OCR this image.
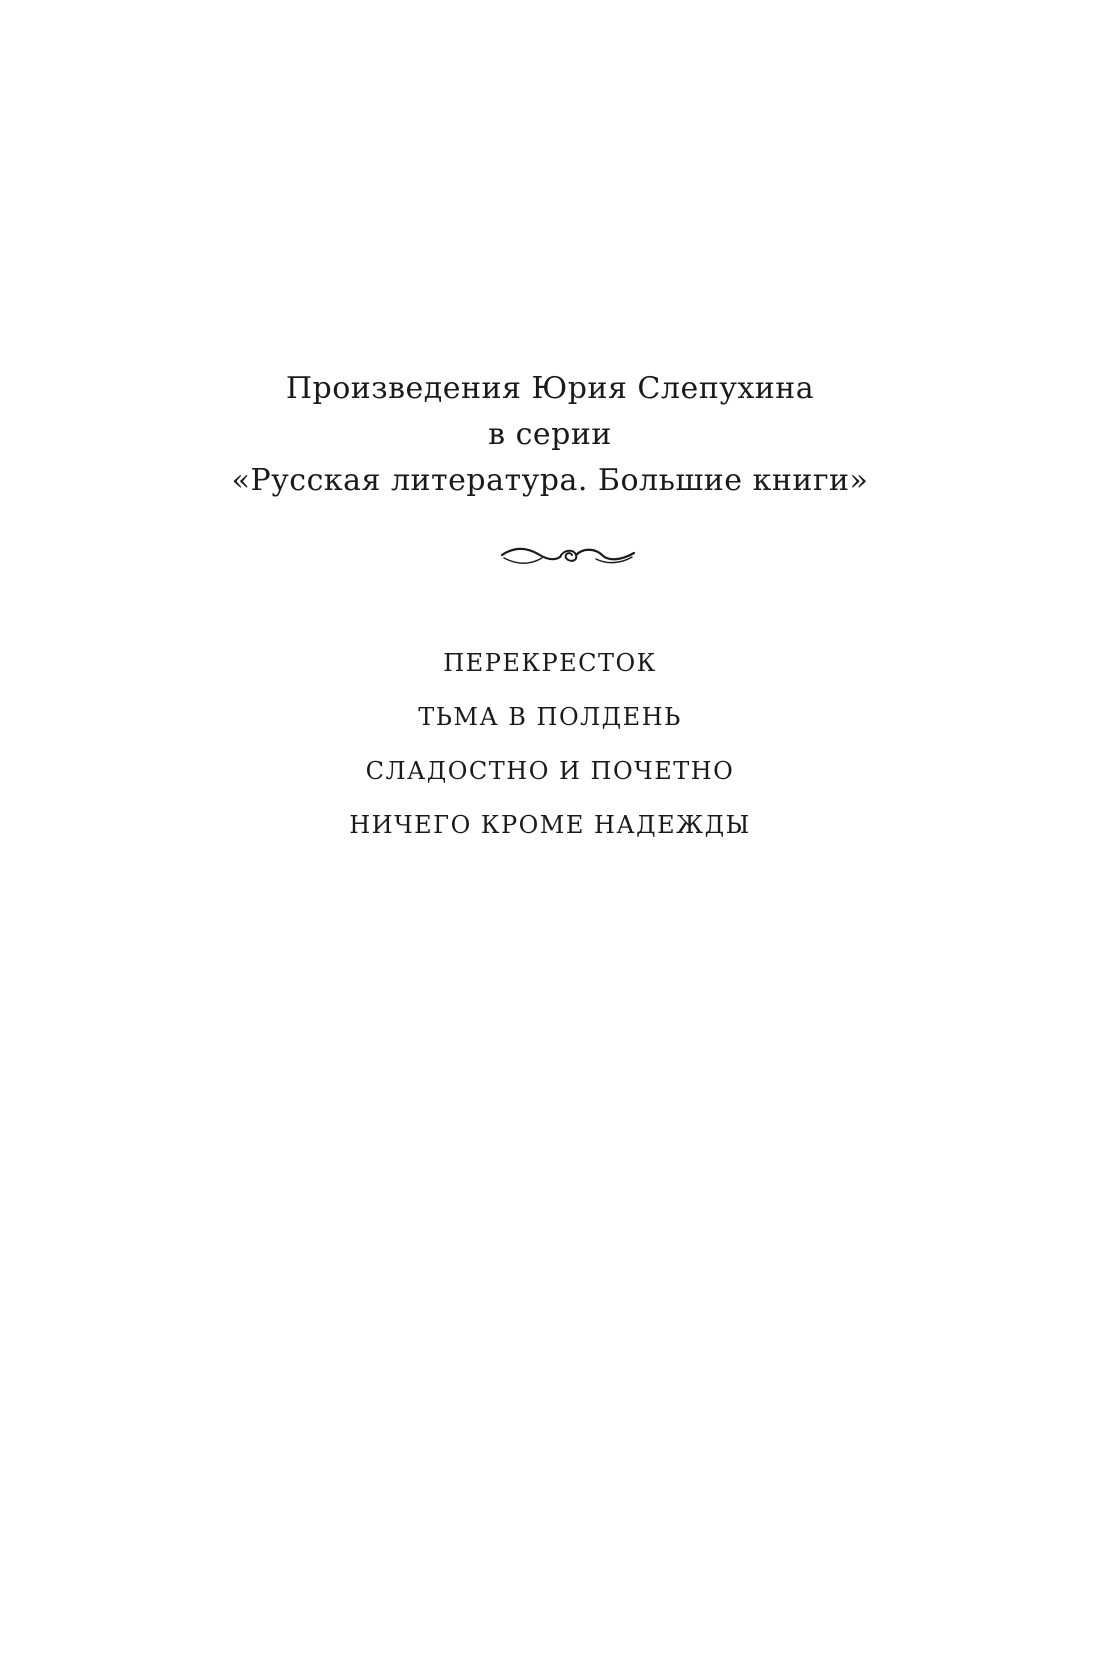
Произведения Юрия Слепухина
в серии
«Русская литература. Большие книги»
ПЕРЕКРЕСТОК
ТЬМА В ПОЛДЕНЬ
СЛАДОСТНО И ПОЧЕТНО
НИЧЕГО КРОМЕ НАДЕЖДЫ
